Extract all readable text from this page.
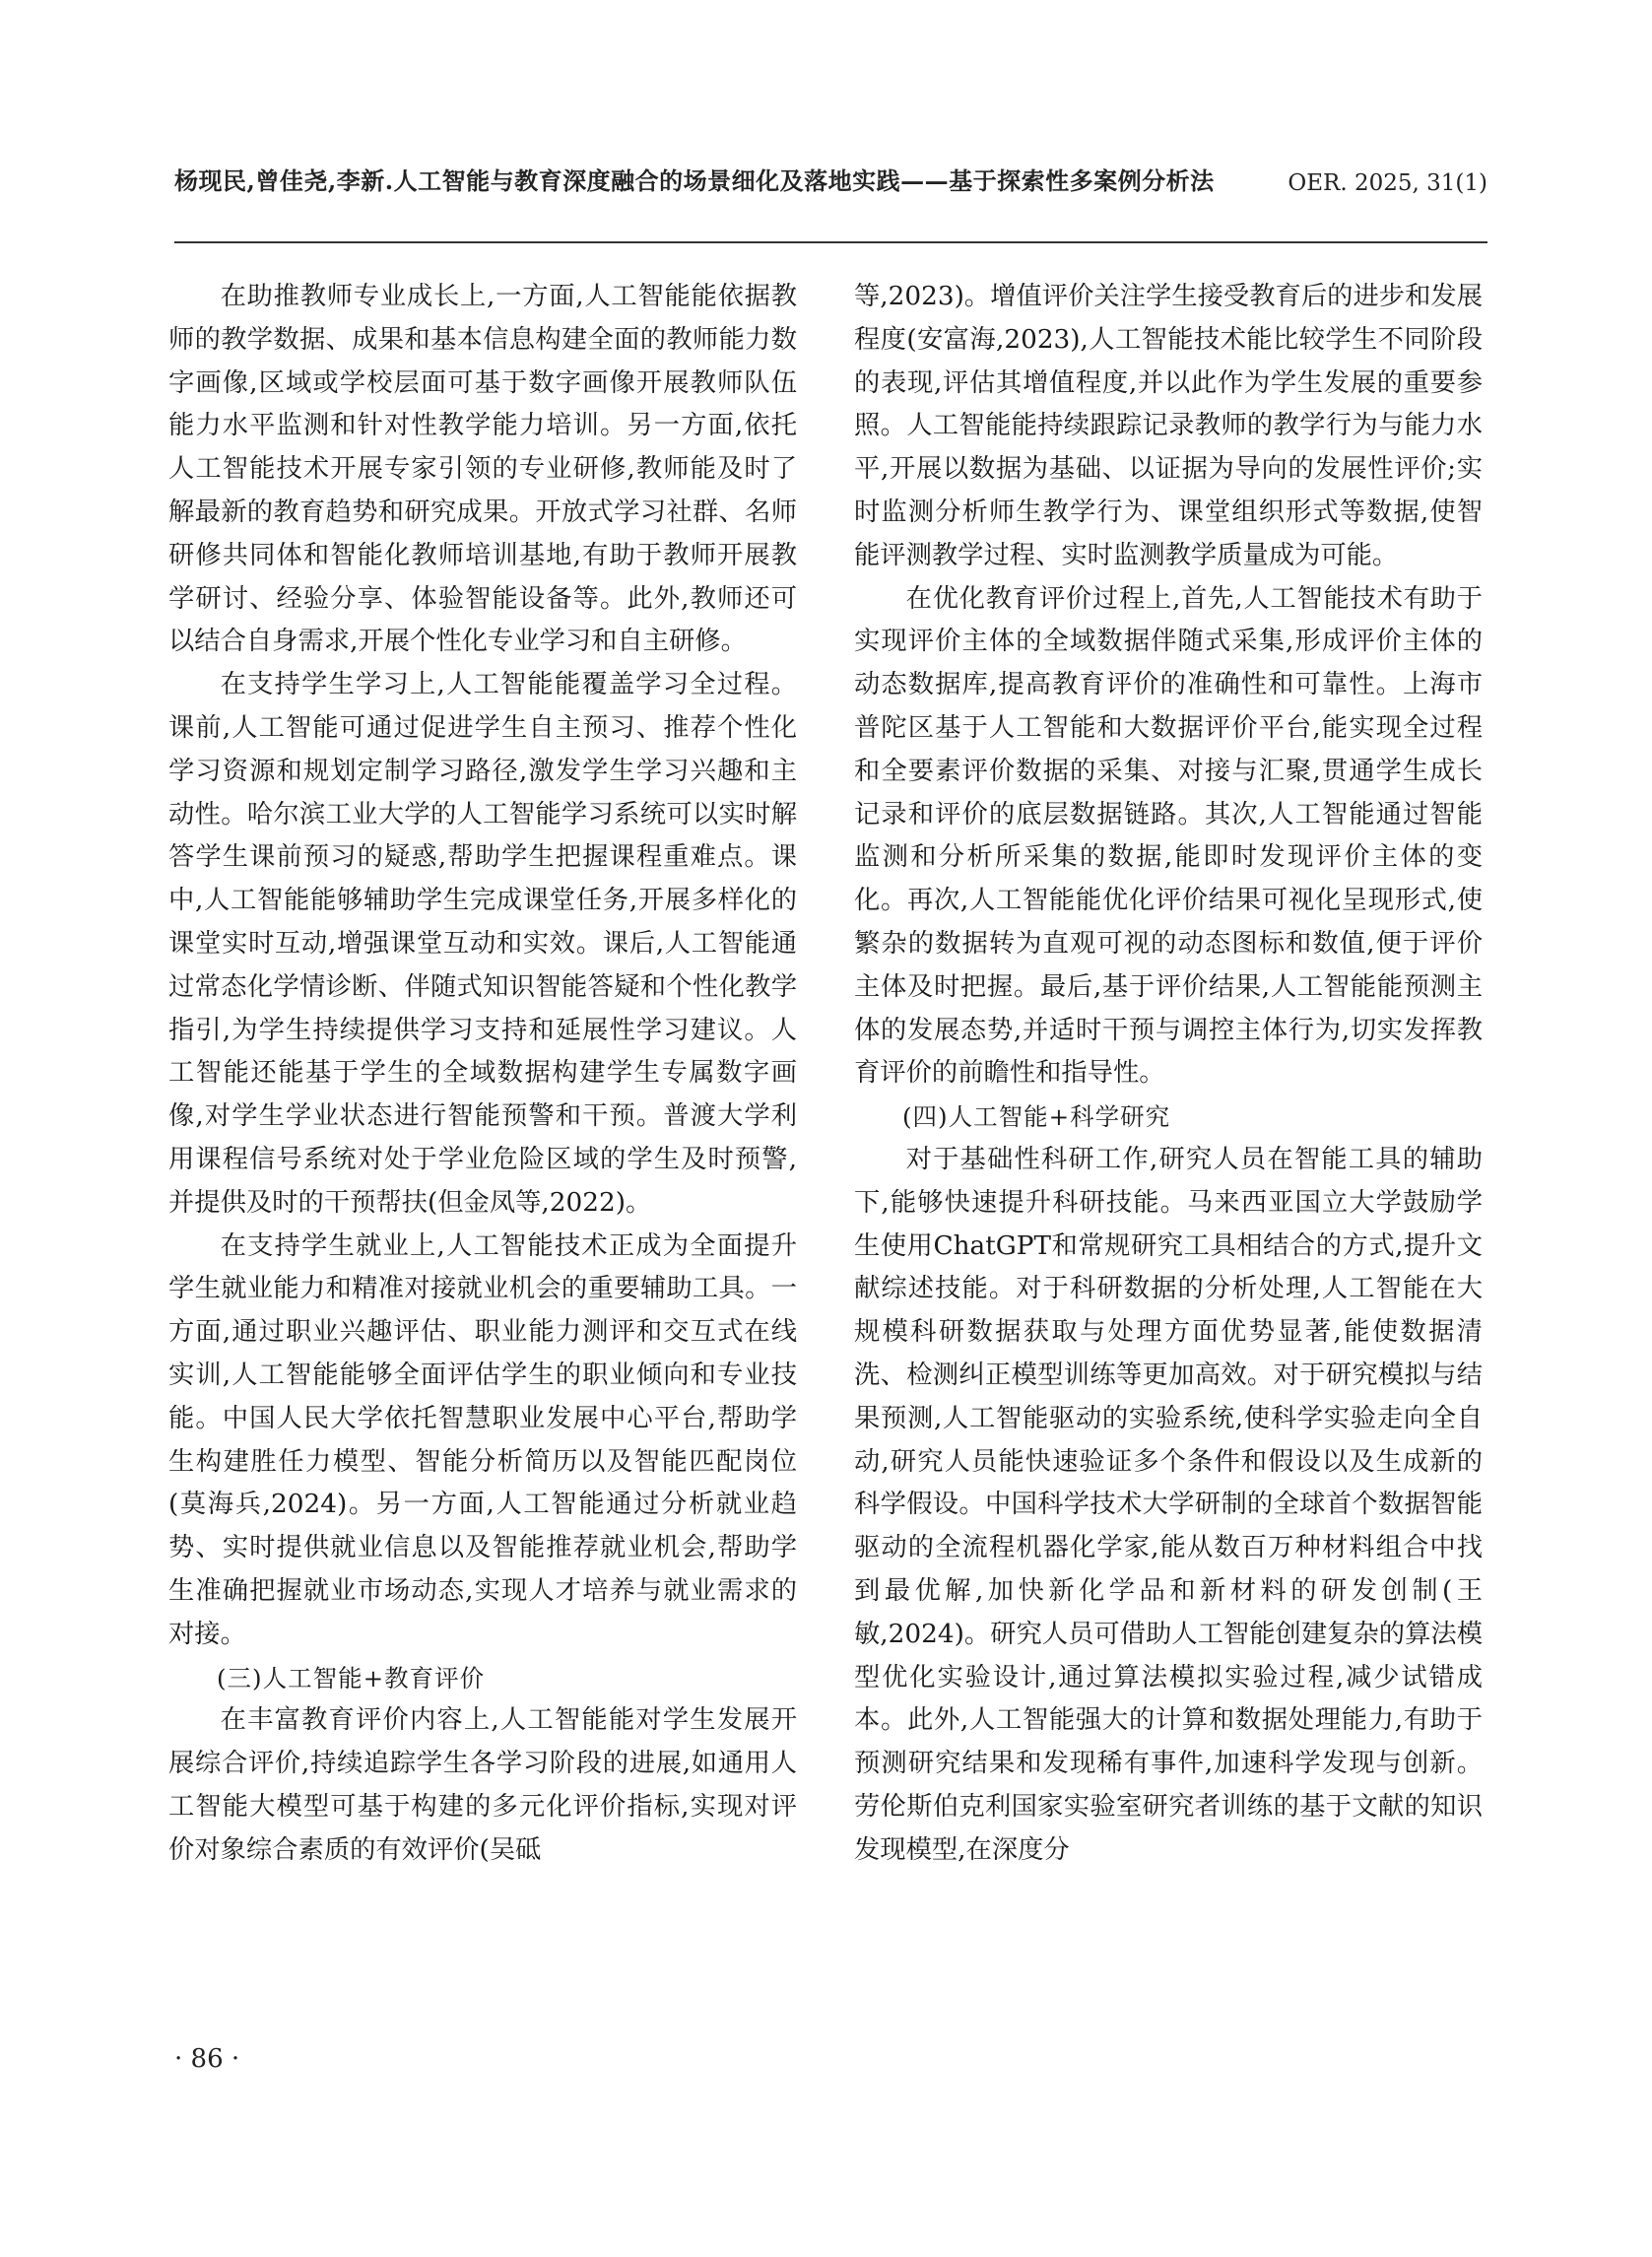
杨现民,曾佳尧,李新.人工智能与教育深度融合的场景细化及落地实践——基于探索性多案例分析法	OER. 2025, 31(1)

在助推教师专业成长上,一方面,人工智能能依据教师的教学数据、成果和基本信息构建全面的教师能力数字画像,区域或学校层面可基于数字画像开展教师队伍能力水平监测和针对性教学能力培训。另一方面,依托人工智能技术开展专家引领的专业研修,教师能及时了解最新的教育趋势和研究成果。开放式学习社群、名师研修共同体和智能化教师培训基地,有助于教师开展教学研讨、经验分享、体验智能设备等。此外,教师还可以结合自身需求,开展个性化专业学习和自主研修。

在支持学生学习上,人工智能能覆盖学习全过程。课前,人工智能可通过促进学生自主预习、推荐个性化学习资源和规划定制学习路径,激发学生学习兴趣和主动性。哈尔滨工业大学的人工智能学习系统可以实时解答学生课前预习的疑惑,帮助学生把握课程重难点。课中,人工智能能够辅助学生完成课堂任务,开展多样化的课堂实时互动,增强课堂互动和实效。课后,人工智能通过常态化学情诊断、伴随式知识智能答疑和个性化教学指引,为学生持续提供学习支持和延展性学习建议。人工智能还能基于学生的全域数据构建学生专属数字画像,对学生学业状态进行智能预警和干预。普渡大学利用课程信号系统对处于学业危险区域的学生及时预警,并提供及时的干预帮扶(但金凤等,2022)。

在支持学生就业上,人工智能技术正成为全面提升学生就业能力和精准对接就业机会的重要辅助工具。一方面,通过职业兴趣评估、职业能力测评和交互式在线实训,人工智能能够全面评估学生的职业倾向和专业技能。中国人民大学依托智慧职业发展中心平台,帮助学生构建胜任力模型、智能分析简历以及智能匹配岗位(莫海兵,2024)。另一方面,人工智能通过分析就业趋势、实时提供就业信息以及智能推荐就业机会,帮助学生准确把握就业市场动态,实现人才培养与就业需求的对接。

(三)人工智能+教育评价

在丰富教育评价内容上,人工智能能对学生发展开展综合评价,持续追踪学生各学习阶段的进展,如通用人工智能大模型可基于构建的多元化评价指标,实现对评价对象综合素质的有效评价(吴砥

等,2023)。增值评价关注学生接受教育后的进步和发展程度(安富海,2023),人工智能技术能比较学生不同阶段的表现,评估其增值程度,并以此作为学生发展的重要参照。人工智能能持续跟踪记录教师的教学行为与能力水平,开展以数据为基础、以证据为导向的发展性评价;实时监测分析师生教学行为、课堂组织形式等数据,使智能评测教学过程、实时监测教学质量成为可能。

在优化教育评价过程上,首先,人工智能技术有助于实现评价主体的全域数据伴随式采集,形成评价主体的动态数据库,提高教育评价的准确性和可靠性。上海市普陀区基于人工智能和大数据评价平台,能实现全过程和全要素评价数据的采集、对接与汇聚,贯通学生成长记录和评价的底层数据链路。其次,人工智能通过智能监测和分析所采集的数据,能即时发现评价主体的变化。再次,人工智能能优化评价结果可视化呈现形式,使繁杂的数据转为直观可视的动态图标和数值,便于评价主体及时把握。最后,基于评价结果,人工智能能预测主体的发展态势,并适时干预与调控主体行为,切实发挥教育评价的前瞻性和指导性。

(四)人工智能+科学研究

对于基础性科研工作,研究人员在智能工具的辅助下,能够快速提升科研技能。马来西亚国立大学鼓励学生使用ChatGPT和常规研究工具相结合的方式,提升文献综述技能。对于科研数据的分析处理,人工智能在大规模科研数据获取与处理方面优势显著,能使数据清洗、检测纠正模型训练等更加高效。对于研究模拟与结果预测,人工智能驱动的实验系统,使科学实验走向全自动,研究人员能快速验证多个条件和假设以及生成新的科学假设。中国科学技术大学研制的全球首个数据智能驱动的全流程机器化学家,能从数百万种材料组合中找到最优解,加快新化学品和新材料的研发创制(王敏,2024)。研究人员可借助人工智能创建复杂的算法模型优化实验设计,通过算法模拟实验过程,减少试错成本。此外,人工智能强大的计算和数据处理能力,有助于预测研究结果和发现稀有事件,加速科学发现与创新。劳伦斯伯克利国家实验室研究者训练的基于文献的知识发现模型,在深度分

· 86 ·
